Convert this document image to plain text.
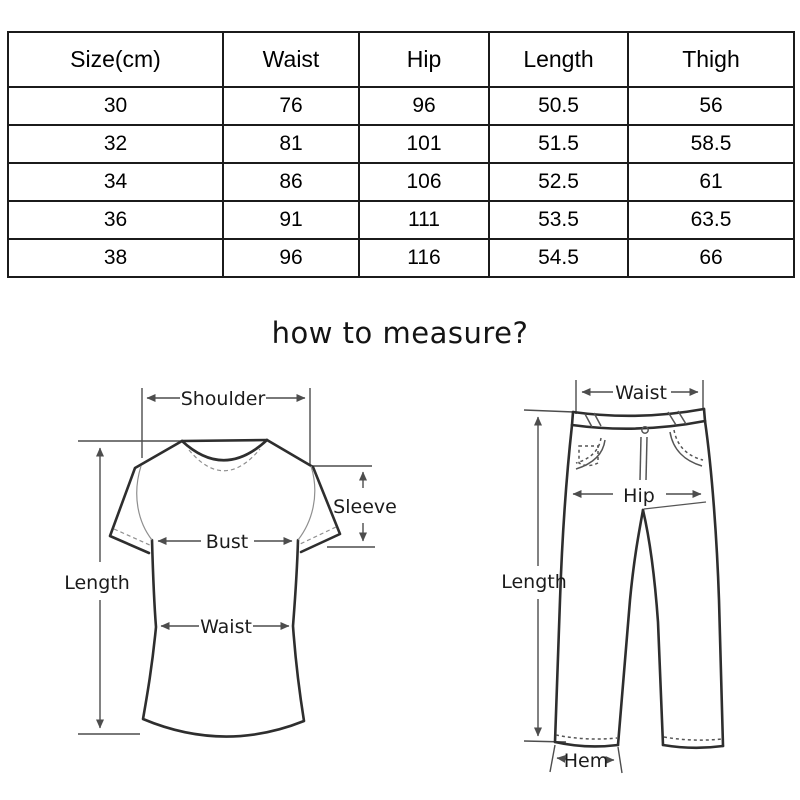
Size(cm)	Waist	Hip	Length	Thigh
30	76	96	50.5	56
32	81	101	51.5	58.5
34	86	106	52.5	61
36	91	111	53.5	63.5
38	96	116	54.5	66
how to measure?
Shoulder
Sleeve
Bust
Length
Waist
Waist
Hip
Length
Hem
